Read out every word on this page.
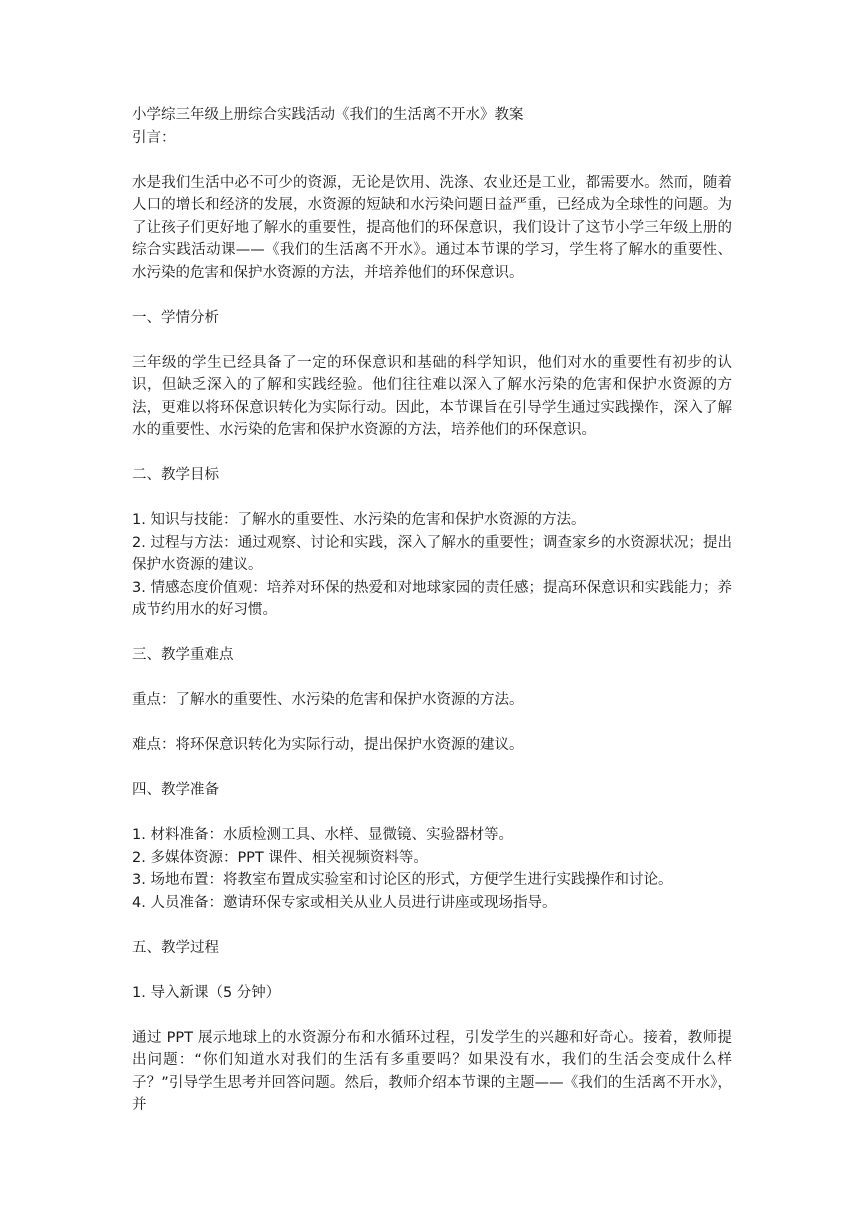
小学综三年级上册综合实践活动《我们的生活离不开水》教案

引言：

水是我们生活中必不可少的资源，无论是饮用、洗涤、农业还是工业，都需要水。然而，随着人口的增长和经济的发展，水资源的短缺和水污染问题日益严重，已经成为全球性的问题。为了让孩子们更好地了解水的重要性，提高他们的环保意识，我们设计了这节小学三年级上册的综合实践活动课——《我们的生活离不开水》。通过本节课的学习，学生将了解水的重要性、水污染的危害和保护水资源的方法，并培养他们的环保意识。

一、学情分析

三年级的学生已经具备了一定的环保意识和基础的科学知识，他们对水的重要性有初步的认识，但缺乏深入的了解和实践经验。他们往往难以深入了解水污染的危害和保护水资源的方法，更难以将环保意识转化为实际行动。因此，本节课旨在引导学生通过实践操作，深入了解水的重要性、水污染的危害和保护水资源的方法，培养他们的环保意识。

二、教学目标

1. 知识与技能：了解水的重要性、水污染的危害和保护水资源的方法。

2. 过程与方法：通过观察、讨论和实践，深入了解水的重要性；调查家乡的水资源状况；提出保护水资源的建议。

3. 情感态度价值观：培养对环保的热爱和对地球家园的责任感；提高环保意识和实践能力；养成节约用水的好习惯。

三、教学重难点

重点：了解水的重要性、水污染的危害和保护水资源的方法。

难点：将环保意识转化为实际行动，提出保护水资源的建议。

四、教学准备

1. 材料准备：水质检测工具、水样、显微镜、实验器材等。

2. 多媒体资源：PPT 课件、相关视频资料等。

3. 场地布置：将教室布置成实验室和讨论区的形式，方便学生进行实践操作和讨论。

4. 人员准备：邀请环保专家或相关从业人员进行讲座或现场指导。

五、教学过程

1. 导入新课（5 分钟）

通过 PPT 展示地球上的水资源分布和水循环过程，引发学生的兴趣和好奇心。接着，教师提出问题：“你们知道水对我们的生活有多重要吗？如果没有水，我们的生活会变成什么样子？”引导学生思考并回答问题。然后，教师介绍本节课的主题——《我们的生活离不开水》，并
